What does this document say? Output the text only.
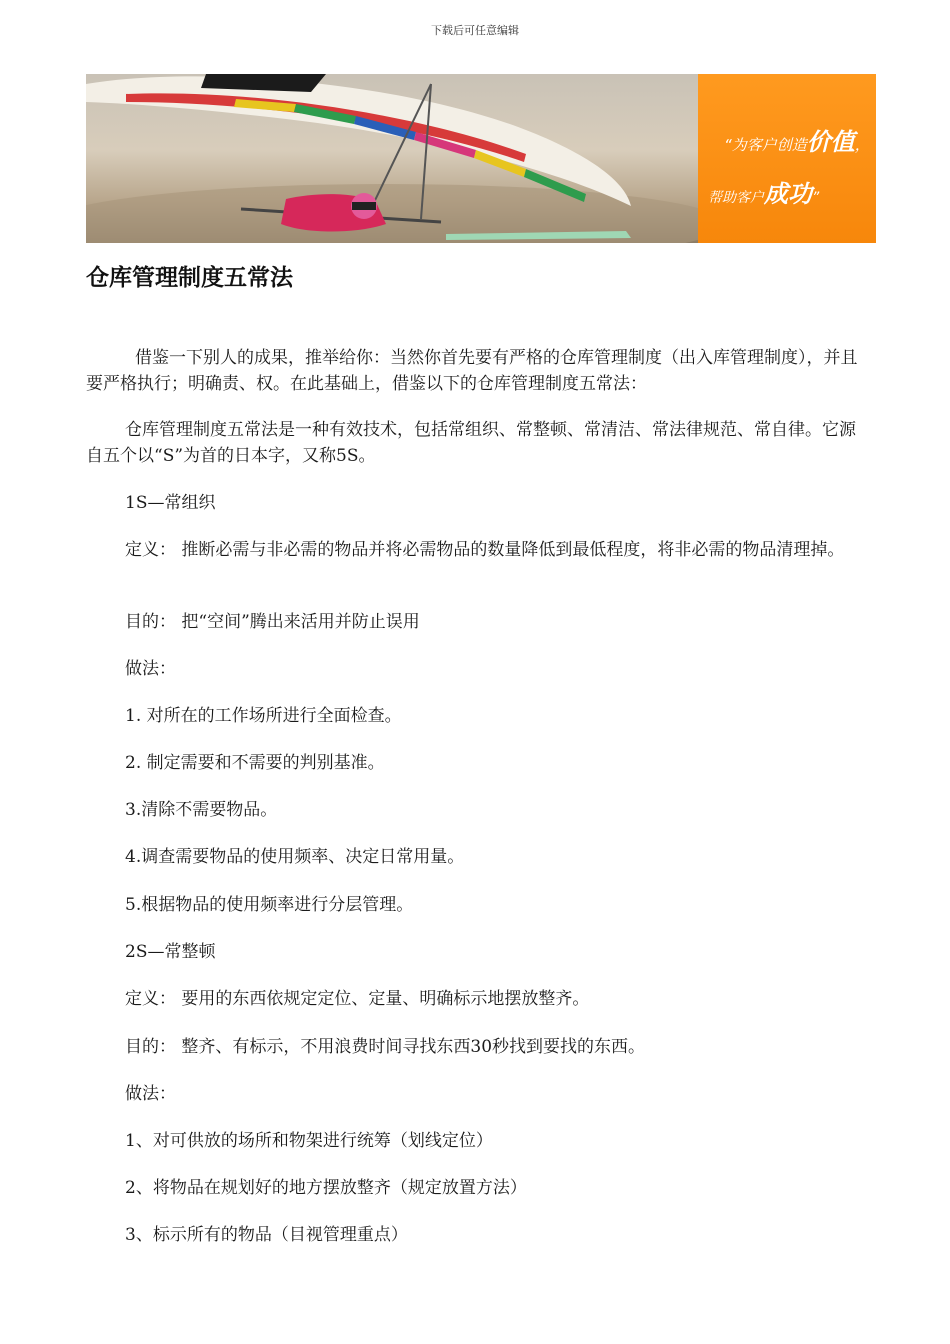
下载后可任意编辑
“为客户创造价值，
帮助客户成功”
仓库管理制度五常法

借鉴一下别人的成果，推举给你：当然你首先要有严格的仓库管理制度（出入库管理制度），并且要严格执行；明确责、权。在此基础上，借鉴以下的仓库管理制度五常法：

仓库管理制度五常法是一种有效技术，包括常组织、常整顿、常清洁、常法律规范、常自律。它源自五个以“S”为首的日本字，又称5S。

1S—常组织

定义： 推断必需与非必需的物品并将必需物品的数量降低到最低程度，将非必需的物品清理掉。

目的： 把“空间”腾出来活用并防止误用

做法：

1. 对所在的工作场所进行全面检查。

2. 制定需要和不需要的判别基准。

3.清除不需要物品。

4.调查需要物品的使用频率、决定日常用量。

5.根据物品的使用频率进行分层管理。

2S—常整顿

定义： 要用的东西依规定定位、定量、明确标示地摆放整齐。

目的： 整齐、有标示，不用浪费时间寻找东西30秒找到要找的东西。

做法：

1、对可供放的场所和物架进行统筹（划线定位）

2、将物品在规划好的地方摆放整齐（规定放置方法）

3、标示所有的物品（目视管理重点）
